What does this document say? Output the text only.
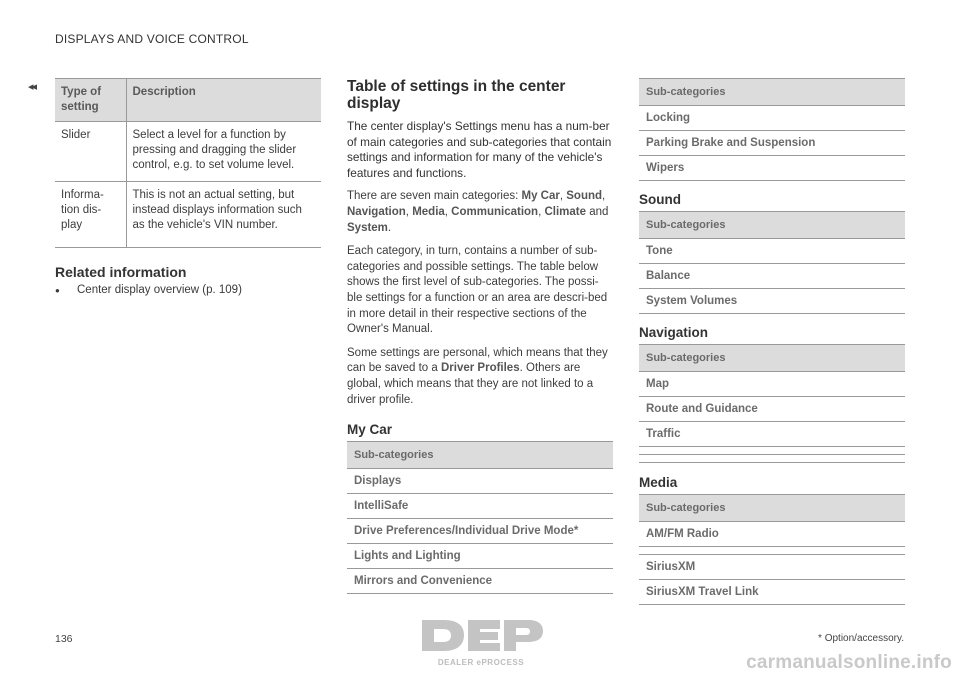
DISPLAYS AND VOICE CONTROL
◂◂ Type of setting	Description
Slider	Select a level for a function by pressing and dragging the slider control, e.g. to set volume level.
Informa-tion dis-play	This is not an actual setting, but instead displays information such as the vehicle's VIN number.
Related information
●	Center display overview (p. 109)
Table of settings in the center display

The center display's Settings menu has a num-ber of main categories and sub-categories that contain settings and information for many of the vehicle's features and functions.

There are seven main categories: My Car, Sound, Navigation, Media, Communication, Climate and System.

Each category, in turn, contains a number of sub-categories and possible settings. The table below shows the first level of sub-categories. The possi-ble settings for a function or an area are descri-bed in more detail in their respective sections of the Owner's Manual.

Some settings are personal, which means that they can be saved to a Driver Profiles. Others are global, which means that they are not linked to a driver profile.

My Car
Sub-categories
Displays
IntelliSafe
Drive Preferences/Individual Drive Mode*
Lights and Lighting
Mirrors and Convenience
Sub-categories
Locking
Parking Brake and Suspension
Wipers
Sound
Sub-categories
Tone
Balance
System Volumes
Navigation
Sub-categories
Map
Route and Guidance
Traffic

Media
Sub-categories
AM/FM Radio

SiriusXM
SiriusXM Travel Link
136	* Option/accessory.
DEALER ePROCESS	carmanualsonline.info
